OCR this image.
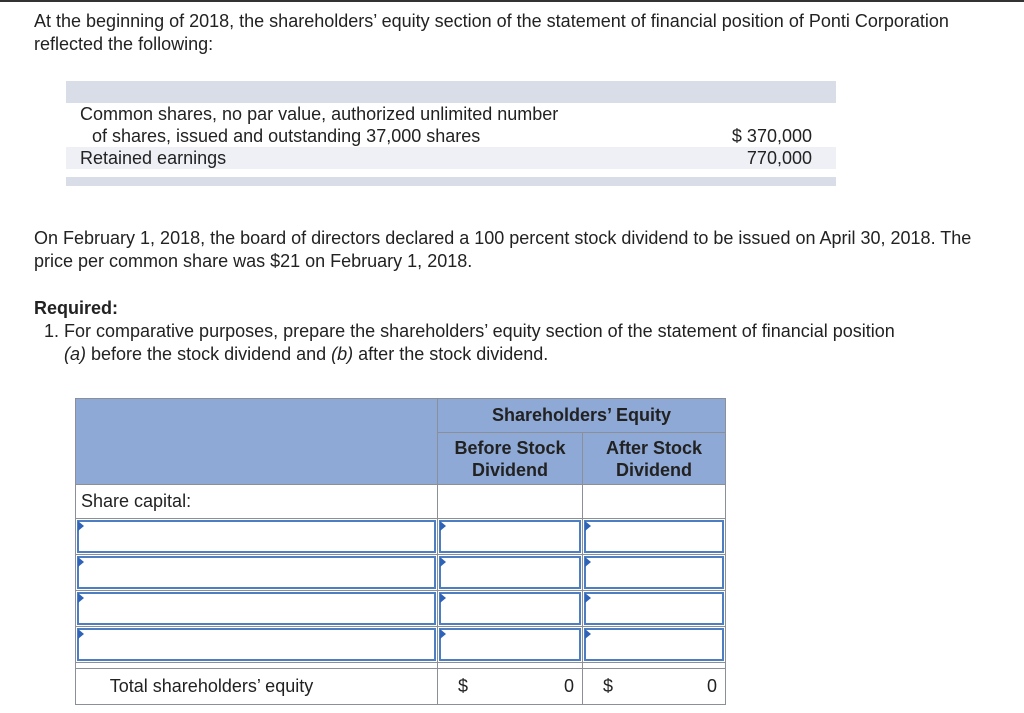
At the beginning of 2018, the shareholders’ equity section of the statement of financial position of Ponti Corporation reflected the following:
Common shares, no par value, authorized unlimited number
of shares, issued and outstanding 37,000 shares	$ 370,000
Retained earnings	770,000
On February 1, 2018, the board of directors declared a 100 percent stock dividend to be issued on April 30, 2018. The price per common share was $21 on February 1, 2018.
Required:
1. For comparative purposes, prepare the shareholders’ equity section of the statement of financial position
(a) before the stock dividend and (b) after the stock dividend.
	Shareholders’ Equity	
	Before Stock Dividend	After Stock Dividend
Share capital:		

Total shareholders’ equity	$ 0	$ 0
